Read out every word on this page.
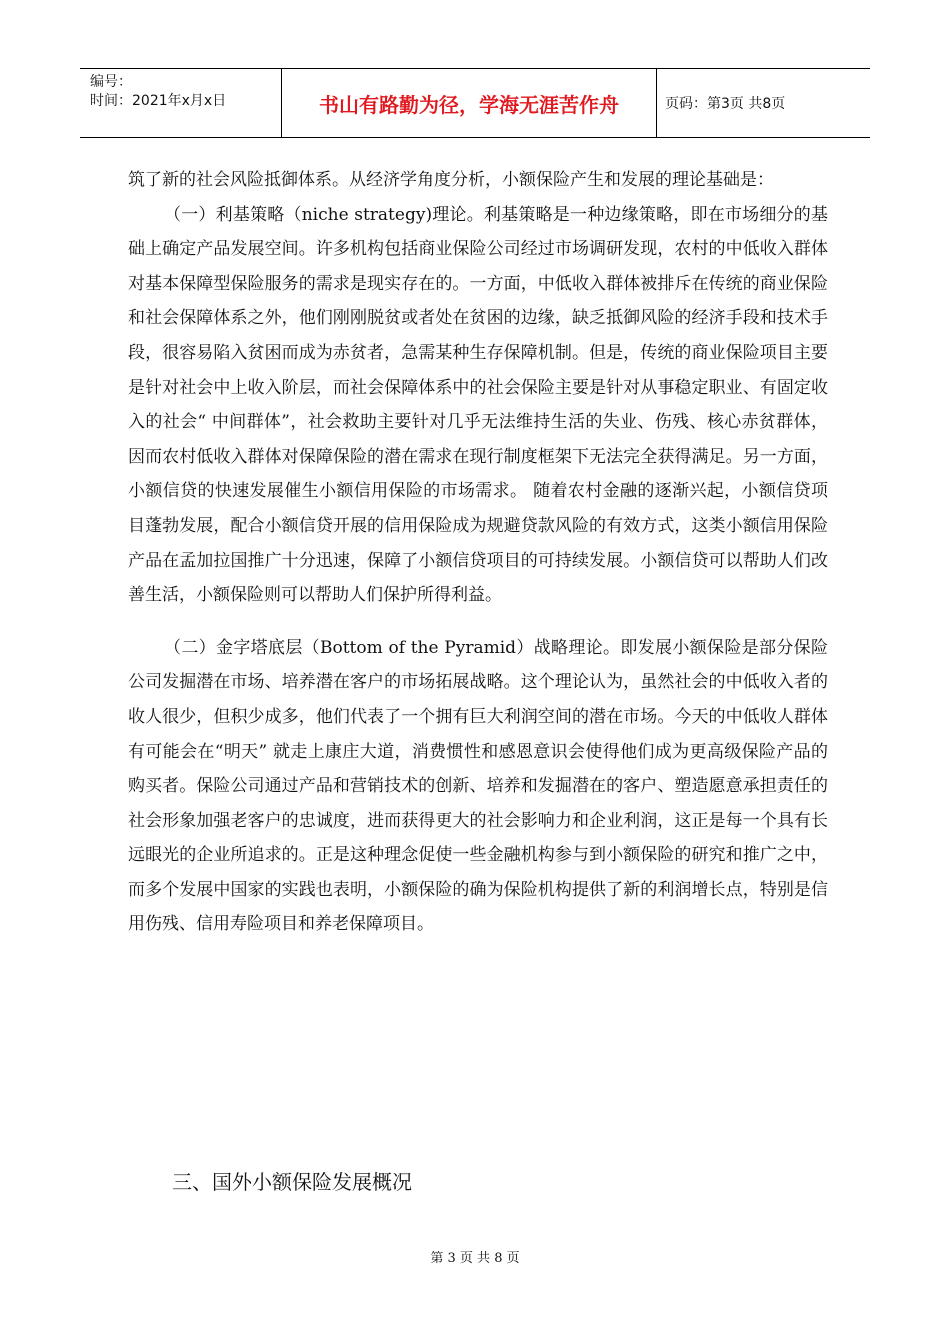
编号：
时间：2021年x月x日	书山有路勤为径，学海无涯苦作舟	页码：第3页 共8页

筑了新的社会风险抵御体系。从经济学角度分析，小额保险产生和发展的理论基础是：

（一）利基策略（niche strategy)理论。利基策略是一种边缘策略，即在市场细分的基础上确定产品发展空间。许多机构包括商业保险公司经过市场调研发现，农村的中低收入群体对基本保障型保险服务的需求是现实存在的。一方面，中低收入群体被排斥在传统的商业保险和社会保障体系之外，他们刚刚脱贫或者处在贫困的边缘，缺乏抵御风险的经济手段和技术手段，很容易陷入贫困而成为赤贫者，急需某种生存保障机制。但是，传统的商业保险项目主要是针对社会中上收入阶层，而社会保障体系中的社会保险主要是针对从事稳定职业、有固定收入的社会“ 中间群体”，社会救助主要针对几乎无法维持生活的失业、伤残、核心赤贫群体，因而农村低收入群体对保障保险的潜在需求在现行制度框架下无法完全获得满足。另一方面，小额信贷的快速发展催生小额信用保险的市场需求。 随着农村金融的逐渐兴起，小额信贷项目蓬勃发展，配合小额信贷开展的信用保险成为规避贷款风险的有效方式，这类小额信用保险产品在孟加拉国推广十分迅速，保障了小额信贷项目的可持续发展。小额信贷可以帮助人们改善生活，小额保险则可以帮助人们保护所得利益。

（二）金字塔底层（Bottom of the Pyramid）战略理论。即发展小额保险是部分保险公司发掘潜在市场、培养潜在客户的市场拓展战略。这个理论认为，虽然社会的中低收入者的收人很少，但积少成多，他们代表了一个拥有巨大利润空间的潜在市场。今天的中低收人群体有可能会在“明天” 就走上康庄大道，消费惯性和感恩意识会使得他们成为更高级保险产品的购买者。保险公司通过产品和营销技术的创新、培养和发掘潜在的客户、塑造愿意承担责任的社会形象加强老客户的忠诚度，进而获得更大的社会影响力和企业利润，这正是每一个具有长远眼光的企业所追求的。正是这种理念促使一些金融机构参与到小额保险的研究和推广之中，而多个发展中国家的实践也表明，小额保险的确为保险机构提供了新的利润增长点，特别是信用伤残、信用寿险项目和养老保障项目。

三、国外小额保险发展概况
第 3 页 共 8 页
